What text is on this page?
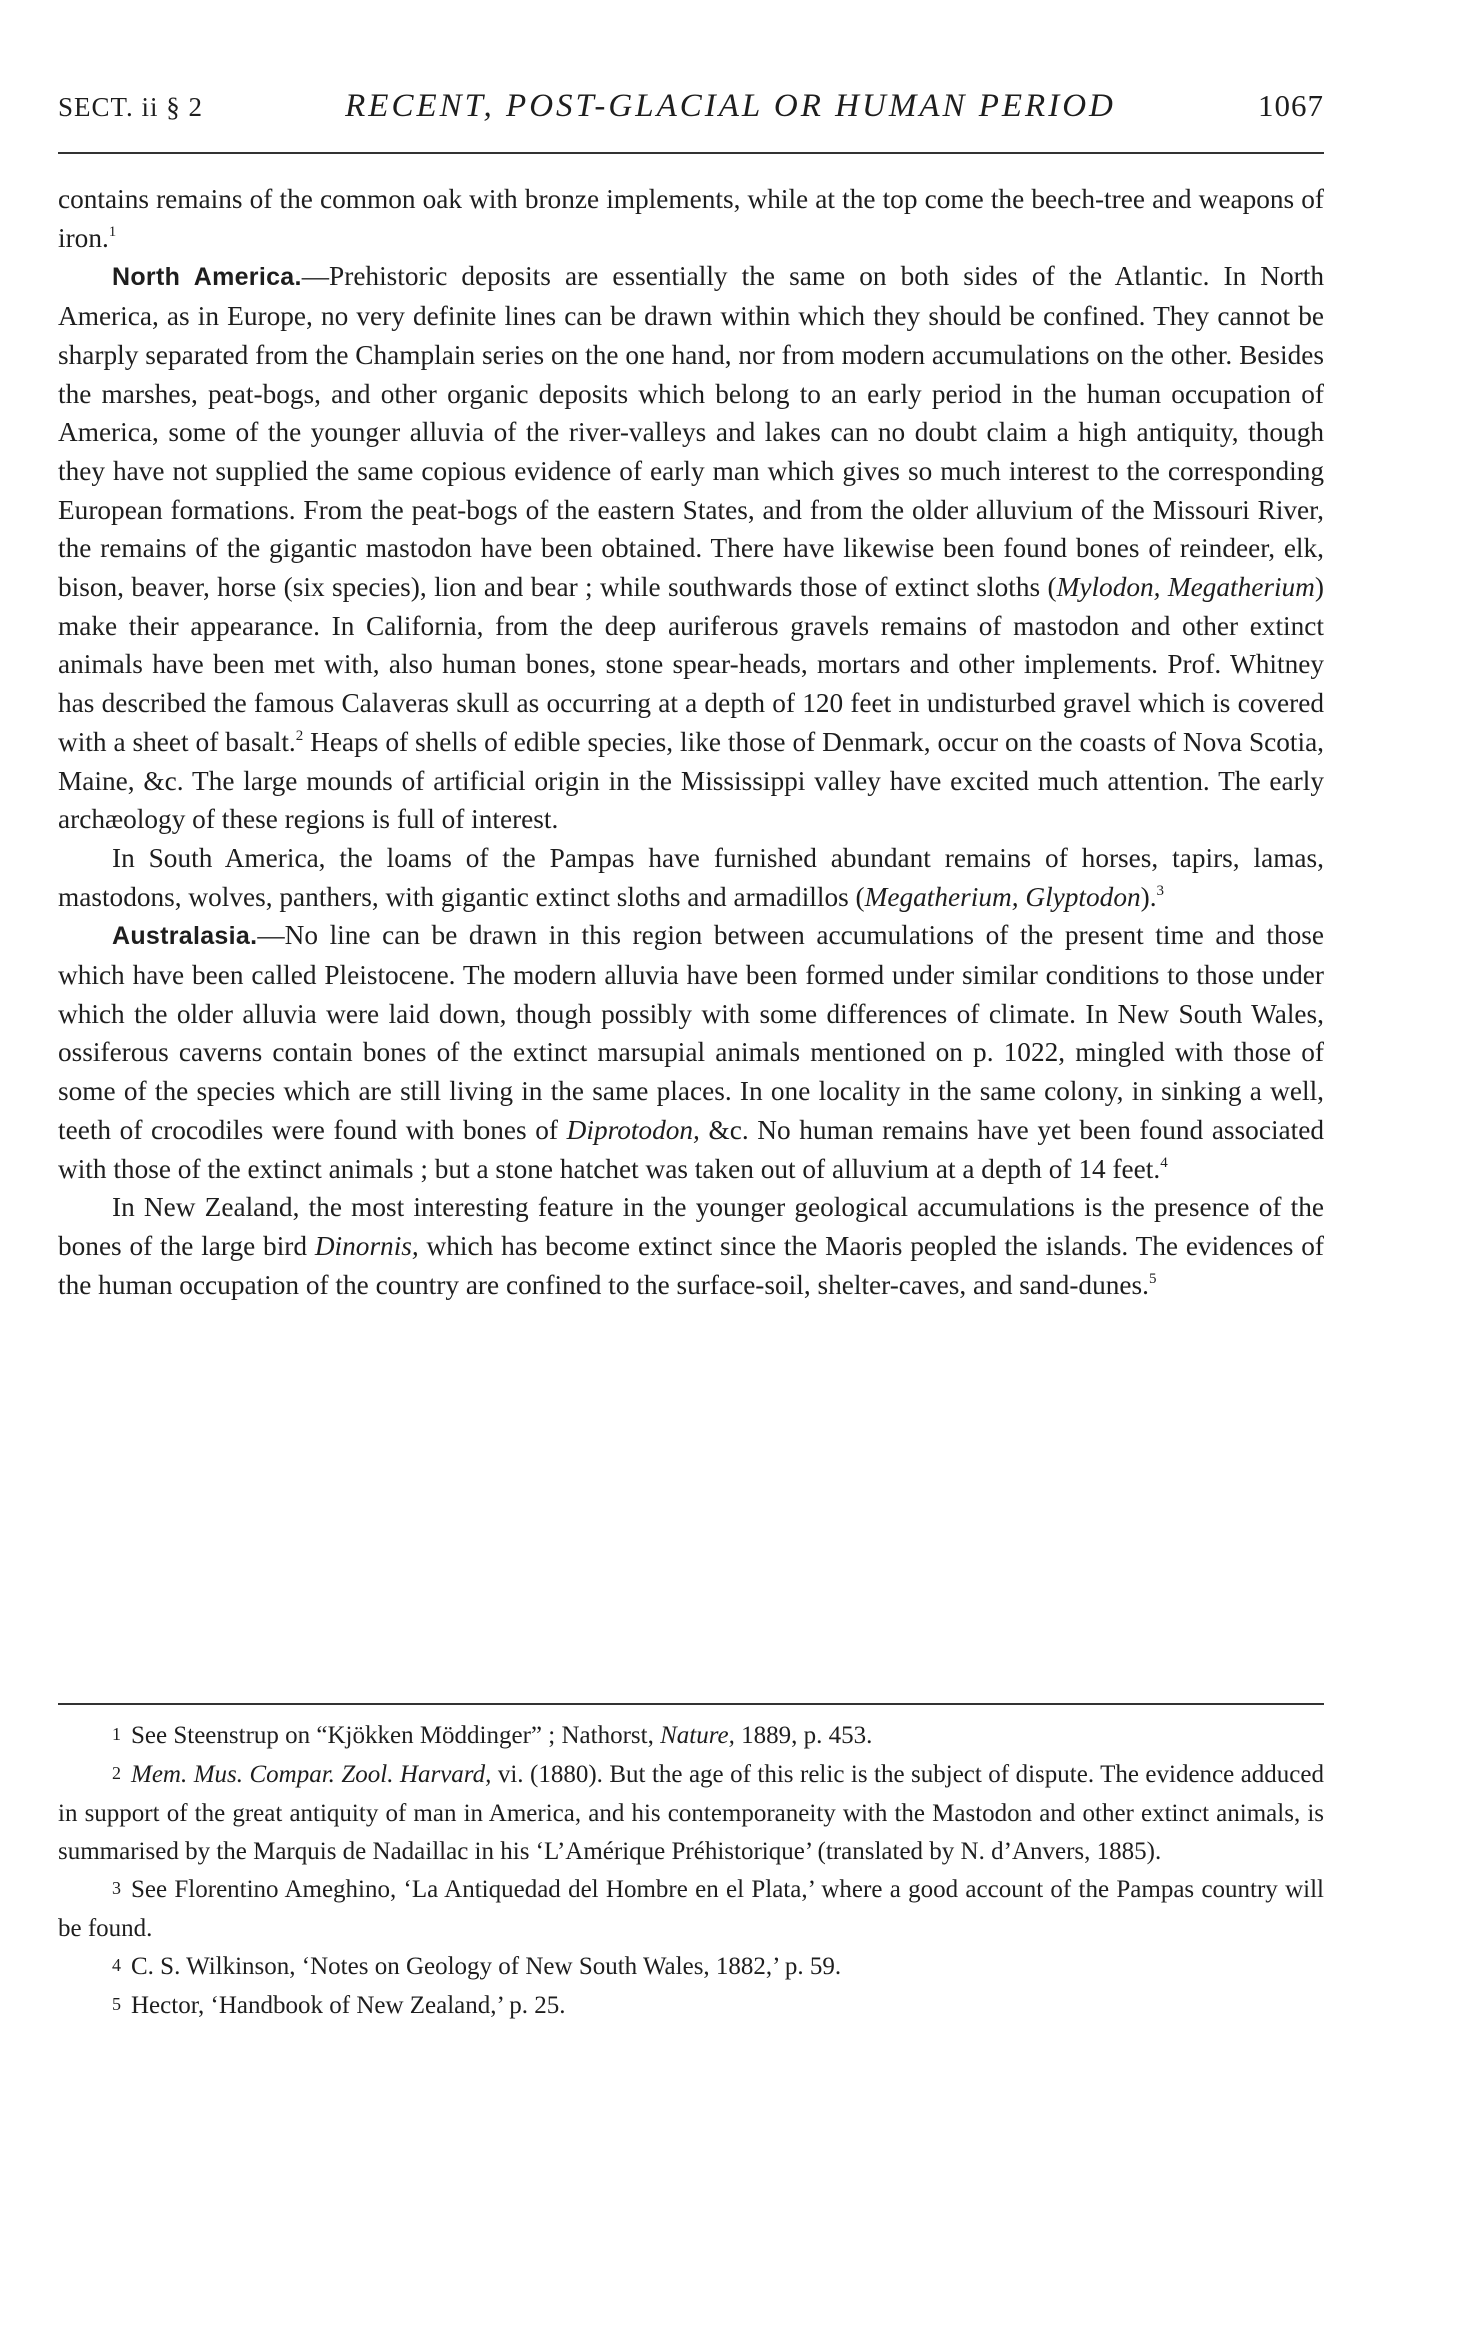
SECT. ii § 2	RECENT, POST-GLACIAL OR HUMAN PERIOD	1067

contains remains of the common oak with bronze implements, while at the top come the beech-tree and weapons of iron.$^1$

North America.—Prehistoric deposits are essentially the same on both sides of the Atlantic. In North America, as in Europe, no very definite lines can be drawn within which they should be confined. They cannot be sharply separated from the Champlain series on the one hand, nor from modern accumulations on the other. Besides the marshes, peat-bogs, and other organic deposits which belong to an early period in the human occupation of America, some of the younger alluvia of the river-valleys and lakes can no doubt claim a high antiquity, though they have not supplied the same copious evidence of early man which gives so much interest to the corresponding European formations. From the peat-bogs of the eastern States, and from the older alluvium of the Missouri River, the remains of the gigantic mastodon have been obtained. There have likewise been found bones of reindeer, elk, bison, beaver, horse (six species), lion and bear ; while southwards those of extinct sloths (Mylodon, Megatherium) make their appearance. In California, from the deep auriferous gravels remains of mastodon and other extinct animals have been met with, also human bones, stone spear-heads, mortars and other implements. Prof. Whitney has described the famous Calaveras skull as occurring at a depth of 120 feet in undisturbed gravel which is covered with a sheet of basalt.$^2$ Heaps of shells of edible species, like those of Denmark, occur on the coasts of Nova Scotia, Maine, &c. The large mounds of artificial origin in the Mississippi valley have excited much attention. The early archæology of these regions is full of interest.

In South America, the loams of the Pampas have furnished abundant remains of horses, tapirs, lamas, mastodons, wolves, panthers, with gigantic extinct sloths and armadillos (Megatherium, Glyptodon).$^3$

Australasia.—No line can be drawn in this region between accumulations of the present time and those which have been called Pleistocene. The modern alluvia have been formed under similar conditions to those under which the older alluvia were laid down, though possibly with some differences of climate. In New South Wales, ossiferous caverns contain bones of the extinct marsupial animals mentioned on p. 1022, mingled with those of some of the species which are still living in the same places. In one locality in the same colony, in sinking a well, teeth of crocodiles were found with bones of Diprotodon, &c. No human remains have yet been found associated with those of the extinct animals ; but a stone hatchet was taken out of alluvium at a depth of 14 feet.$^4$

In New Zealand, the most interesting feature in the younger geological accumulations is the presence of the bones of the large bird Dinornis, which has become extinct since the Maoris peopled the islands. The evidences of the human occupation of the country are confined to the surface-soil, shelter-caves, and sand-dunes.$^5$

1 See Steenstrup on “Kjökken Möddinger” ; Nathorst, Nature, 1889, p. 453.

2 Mem. Mus. Compar. Zool. Harvard, vi. (1880). But the age of this relic is the subject of dispute. The evidence adduced in support of the great antiquity of man in America, and his contemporaneity with the Mastodon and other extinct animals, is summarised by the Marquis de Nadaillac in his ‘L’Amérique Préhistorique’ (translated by N. d’Anvers, 1885).

3 See Florentino Ameghino, ‘La Antiquedad del Hombre en el Plata,’ where a good account of the Pampas country will be found.

4 C. S. Wilkinson, ‘Notes on Geology of New South Wales, 1882,’ p. 59.

5 Hector, ‘Handbook of New Zealand,’ p. 25.
